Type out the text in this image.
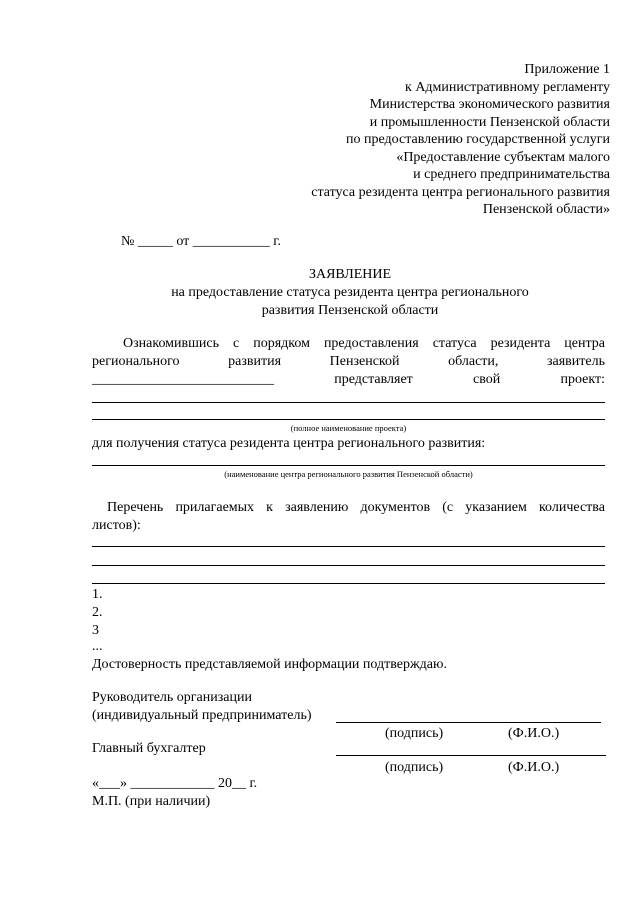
Приложение 1
к Административному регламенту
Министерства экономического развития
и промышленности Пензенской области
по предоставлению государственной услуги
«Предоставление субъектам малого
и среднего предпринимательства
статуса резидента центра регионального развития
Пензенской области»
№ _____ от ___________ г.
ЗАЯВЛЕНИЕ
на предоставление статуса резидента центра регионального
развития Пензенской области
Ознакомившись с порядком предоставления статуса резидента центра
регионального	развития	Пензенской	области,	заявитель
__________________________	представляет	свой	проект:
(полное наименование проекта)
для получения статуса резидента центра регионального развития:
(наименование центра регионального развития Пензенской области)
Перечень прилагаемых к заявлению документов (с указанием количества
листов):
1.
2.
3
...
Достоверность представляемой информации подтверждаю.
Руководитель организации
(индивидуальный предприниматель)
(подпись)	(Ф.И.О.)
Главный бухгалтер
(подпись)	(Ф.И.О.)
«___» ____________ 20__ г.
М.П. (при наличии)
